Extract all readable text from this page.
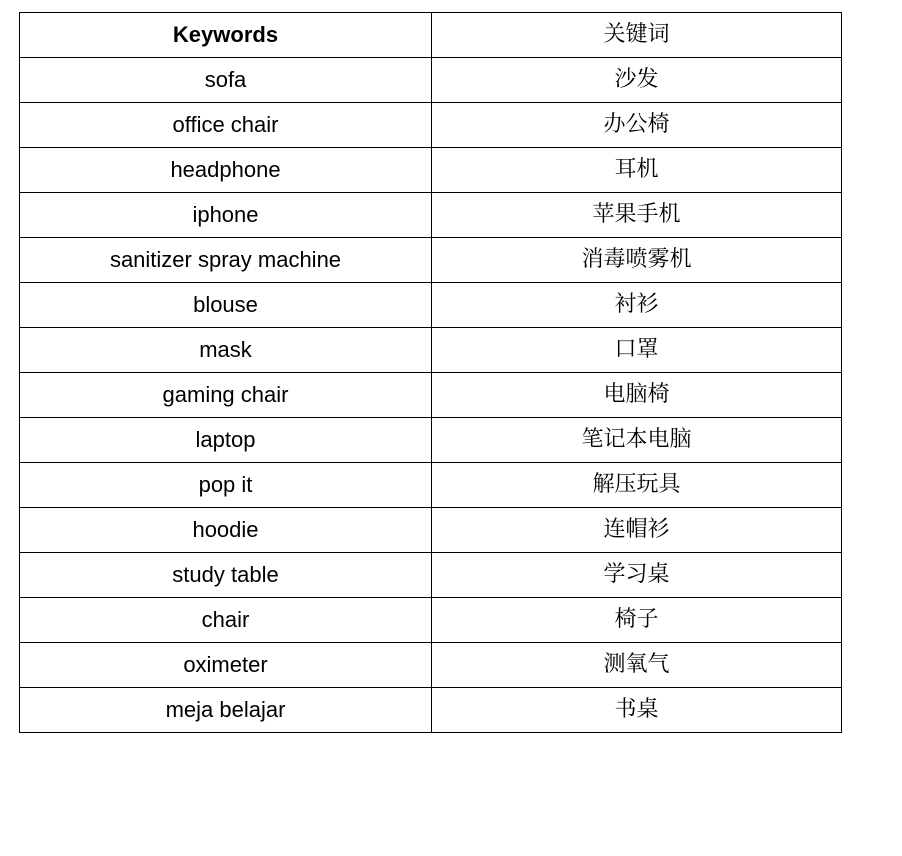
Keywords	关键词
sofa	沙发
office chair	办公椅
headphone	耳机
iphone	苹果手机
sanitizer spray machine	消毒喷雾机
blouse	衬衫
mask	口罩
gaming chair	电脑椅
laptop	笔记本电脑
pop it	解压玩具
hoodie	连帽衫
study table	学习桌
chair	椅子
oximeter	测氧气
meja belajar	书桌
